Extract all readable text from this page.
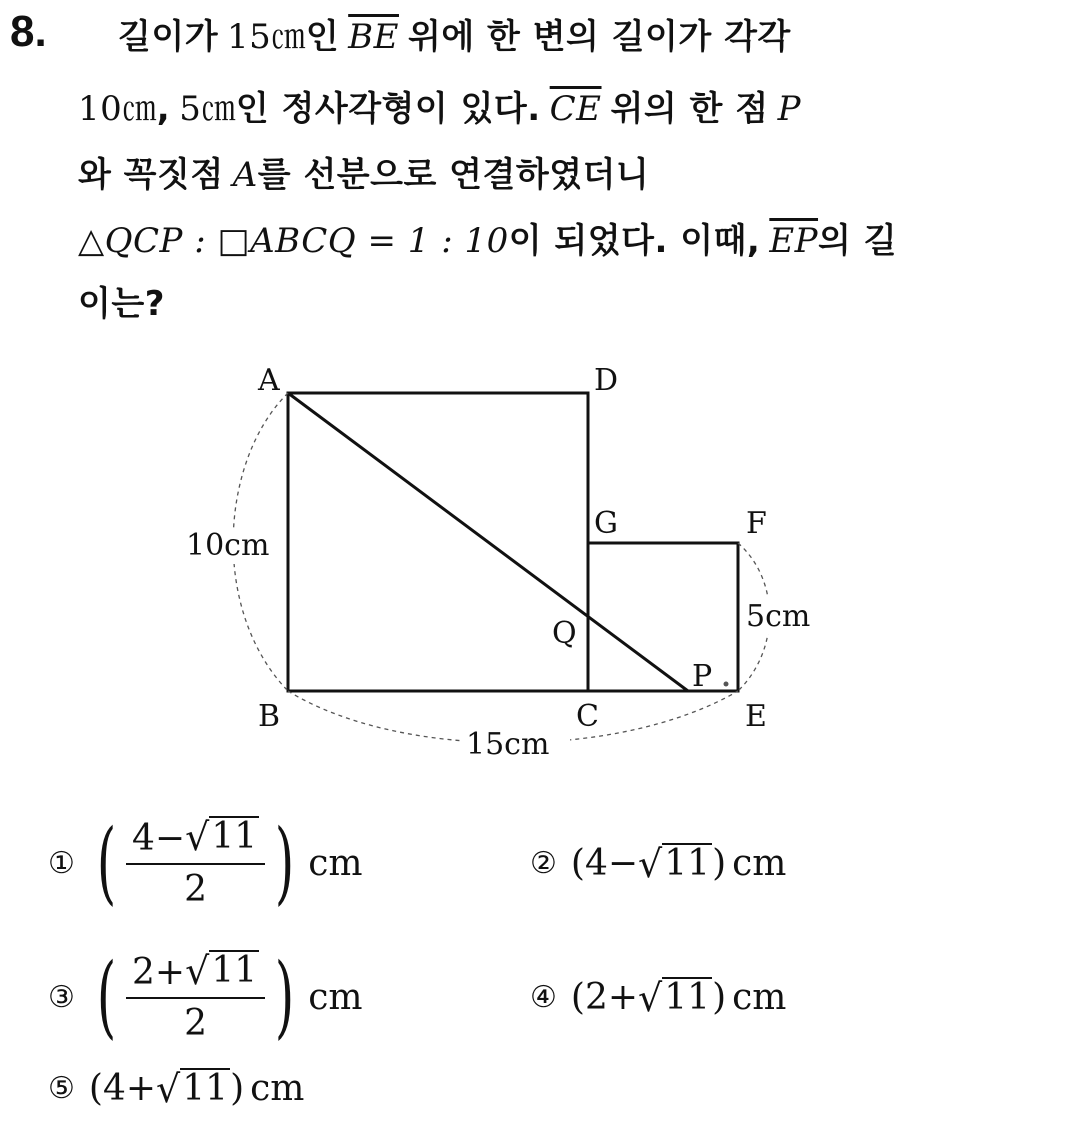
8. 길이가 15㎝인 $\overline{BE}$ 위에 한 변의 길이가 각각
10㎝, 5㎝인 정사각형이 있다. $\overline{CE}$ 위의 한 점 P
와 꼭짓점 A를 선분으로 연결하였더니
△QCP : □ABCQ = 1 : 10이 되었다. 이때, $\overline{EP}$의 길
이는?
A	D
G	F
Q
P
B	C	E
10cm
5cm
15cm
① ( $\frac{4- √ 11}{2}$ ) cm	② (4− √ 11 ) cm
③ ( $\frac{2+ √ 11}{2}$ ) cm	④ (2+ √ 11 ) cm
⑤ (4+ √ 11 ) cm
